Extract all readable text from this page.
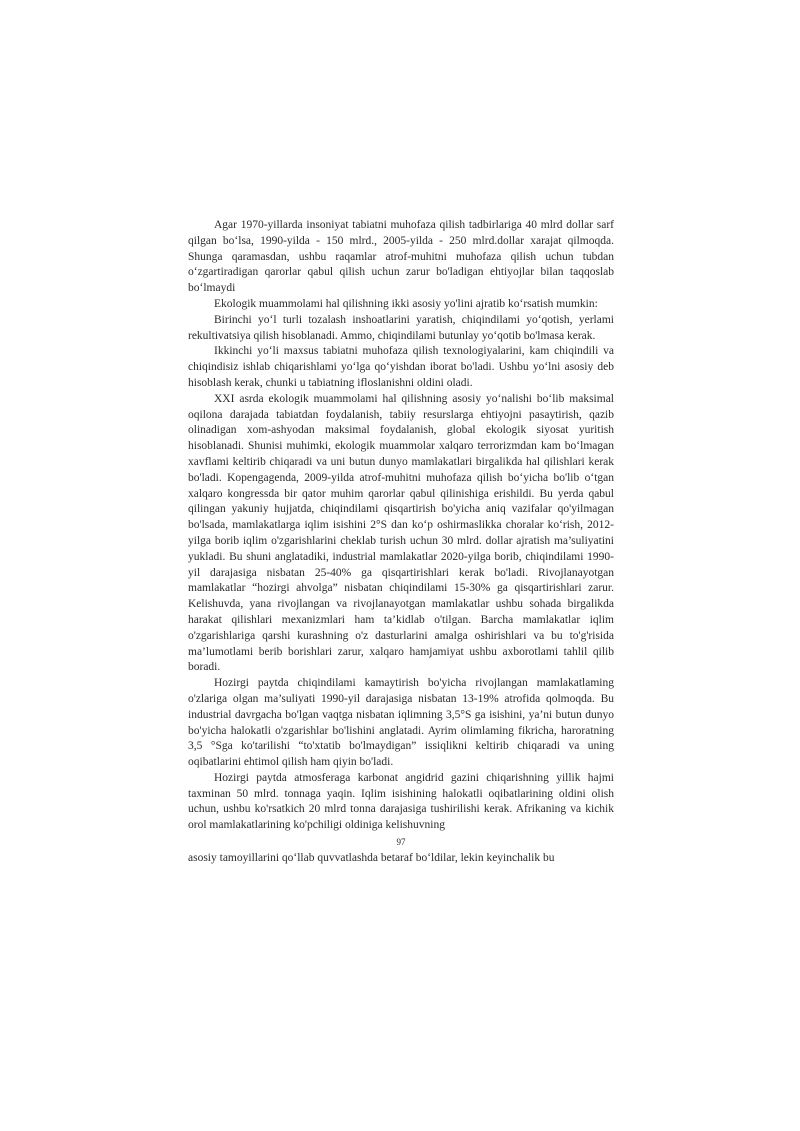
Agar 1970-yillarda insoniyat tabiatni muhofaza qilish tadbirlariga 40 mlrd dollar sarf qilgan bo‘lsa, 1990-yilda - 150 mlrd., 2005-yilda - 250 mlrd.dollar xarajat qilmoqda. Shunga qaramasdan, ushbu raqamlar atrof-muhitni muhofaza qilish uchun tubdan o‘zgartiradigan qarorlar qabul qilish uchun zarur bo'ladigan ehtiyojlar bilan taqqoslab bo‘lmaydi

Ekologik muammolami hal qilishning ikki asosiy yo'lini ajratib ko‘rsatish mumkin:

Birinchi yo‘l turli tozalash inshoatlarini yaratish, chiqindilami yo‘qotish, yerlami rekultivatsiya qilish hisoblanadi. Ammo, chiqindilami butunlay yo‘qotib bo'lmasa kerak.

Ikkinchi yo‘li maxsus tabiatni muhofaza qilish texnologiyalarini, kam chiqindili va chiqindisiz ishlab chiqarishlami yo‘lga qo‘yishdan iborat bo'ladi. Ushbu yo‘lni asosiy deb hisoblash kerak, chunki u tabiatning ifloslanishni oldini oladi.

XXI asrda ekologik muammolami hal qilishning asosiy yo‘nalishi bo‘lib maksimal oqilona darajada tabiatdan foydalanish, tabiiy resurslarga ehtiyojni pasaytirish, qazib olinadigan xom-ashyodan maksimal foydalanish, global ekologik siyosat yuritish hisoblanadi. Shunisi muhimki, ekologik muammolar xalqaro terrorizmdan kam bo‘lmagan xavflami keltirib chiqaradi va uni butun dunyo mamlakatlari birgalikda hal qilishlari kerak bo'ladi. Kopengagenda, 2009-yilda atrof-muhitni muhofaza qilish bo‘yicha bo'lib o‘tgan xalqaro kongressda bir qator muhim qarorlar qabul qilinishiga erishildi. Bu yerda qabul qilingan yakuniy hujjatda, chiqindilami qisqartirish bo'yicha aniq vazifalar qo'yilmagan bo'lsada, mamlakatlarga iqlim isishini 2°S dan ko‘p oshirmaslikka choralar ko‘rish, 2012-yilga borib iqlim o'zgarishlarini cheklab turish uchun 30 mlrd. dollar ajratish ma’suliyatini yukladi. Bu shuni anglatadiki, industrial mamlakatlar 2020-yilga borib, chiqindilami 1990-yil darajasiga nisbatan 25-40% ga qisqartirishlari kerak bo'ladi. Rivojlanayotgan mamlakatlar “hozirgi ahvolga” nisbatan chiqindilami 15-30% ga qisqartirishlari zarur. Kelishuvda, yana rivojlangan va rivojlanayotgan mamlakatlar ushbu sohada birgalikda harakat qilishlari mexanizmlari ham ta’kidlab o'tilgan. Barcha mamlakatlar iqlim o'zgarishlariga qarshi kurashning o'z dasturlarini amalga oshirishlari va bu to'g'risida ma’lumotlami berib borishlari zarur, xalqaro hamjamiyat ushbu axborotlami tahlil qilib boradi.

Hozirgi paytda chiqindilami kamaytirish bo'yicha rivojlangan mamlakatlaming o'zlariga olgan ma’suliyati 1990-yil darajasiga nisbatan 13-19% atrofida qolmoqda. Bu industrial davrgacha bo'lgan vaqtga nisbatan iqlimning 3,5°S ga isishini, ya’ni butun dunyo bo'yicha halokatli o'zgarishlar bo'lishini anglatadi. Ayrim olimlaming fikricha, haroratning 3,5 °Sga ko'tarilishi “to'xtatib bo'lmaydigan” issiqlikni keltirib chiqaradi va uning oqibatlarini ehtimol qilish ham qiyin bo'ladi.

Hozirgi paytda atmosferaga karbonat angidrid gazini chiqarishning yillik hajmi taxminan 50 mlrd. tonnaga yaqin. Iqlim isishining halokatli oqibatlarining oldini olish uchun, ushbu ko'rsatkich 20 mlrd tonna darajasiga tushirilishi kerak. Afrikaning va kichik orol mamlakatlarining ko'pchiligi oldiniga kelishuvning

97

asosiy tamoyillarini qo‘llab quvvatlashda betaraf bo‘ldilar, lekin keyinchalik bu
